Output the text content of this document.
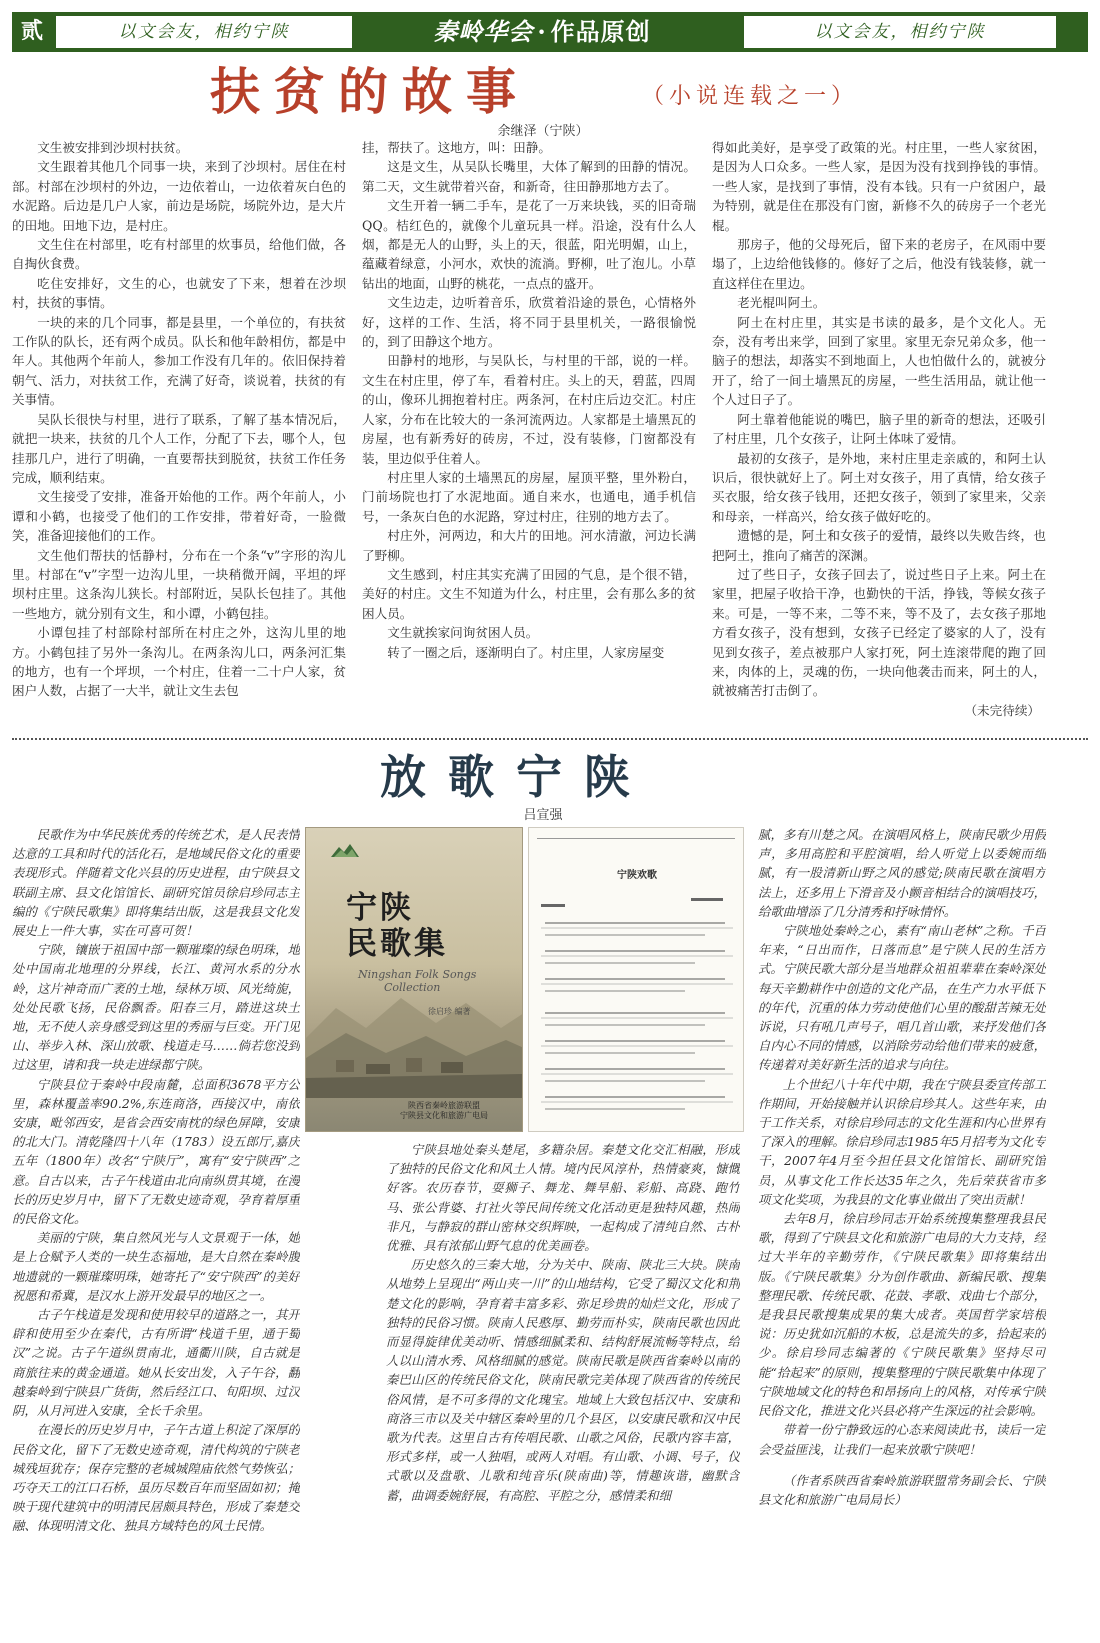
贰	以文会友，相约宁陕	秦岭华会 · 作品原创	以文会友，相约宁陕
扶贫的故事	（小说连载之一）
余继泽（宁陕）

文生被安排到沙坝村扶贫。

文生跟着其他几个同事一块，来到了沙坝村。居住在村部。村部在沙坝村的外边，一边依着山，一边依着灰白色的水泥路。后边是几户人家，前边是场院，场院外边，是大片的田地。田地下边，是村庄。

文生住在村部里，吃有村部里的炊事员，给他们做，各自掏伙食费。

吃住安排好，文生的心，也就安了下来，想着在沙坝村，扶贫的事情。

一块的来的几个同事，都是县里，一个单位的，有扶贫工作队的队长，还有两个成员。队长和他年龄相仿，都是中年人。其他两个年前人，参加工作没有几年的。依旧保持着朝气、活力，对扶贫工作，充满了好奇，谈说着，扶贫的有关事情。

吴队长很快与村里，进行了联系，了解了基本情况后，就把一块来，扶贫的几个人工作，分配了下去，哪个人，包挂那几户，进行了明确，一直要帮扶到脱贫，扶贫工作任务完成，顺利结束。

文生接受了安排，准备开始他的工作。两个年前人，小谭和小鹤，也接受了他们的工作安排，带着好奇，一脸微笑，准备迎接他们的工作。

文生他们帮扶的恬静村，分布在一个条“v”字形的沟儿里。村部在“v”字型一边沟儿里，一块稍微开阔，平坦的坪坝村庄里。这条沟儿狭长。村部附近，吴队长包挂了。其他一些地方，就分别有文生，和小谭，小鹤包挂。

小谭包挂了村部除村部所在村庄之外，这沟儿里的地方。小鹤包挂了另外一条沟儿。在两条沟儿口，两条河汇集的地方，也有一个坪坝，一个村庄，住着一二十户人家，贫困户人数，占据了一大半，就让文生去包

挂，帮扶了。这地方，叫：田静。

这是文生，从吴队长嘴里，大体了解到的田静的情况。第二天，文生就带着兴奋，和新奇，往田静那地方去了。

文生开着一辆二手车，是花了一万来块钱，买的旧奇瑞QQ。桔红色的，就像个儿童玩具一样。沿途，没有什么人烟，都是无人的山野，头上的天，很蓝，阳光明媚，山上，蕴藏着绿意，小河水，欢快的流淌。野柳，吐了泡儿。小草钻出的地面，山野的桃花，一点点的盛开。

文生边走，边听着音乐，欣赏着沿途的景色，心情格外好，这样的工作、生活，将不同于县里机关，一路很愉悦的，到了田静这个地方。

田静村的地形，与吴队长，与村里的干部，说的一样。文生在村庄里，停了车，看着村庄。头上的天，碧蓝，四周的山，像环儿拥抱着村庄。两条河，在村庄后边交汇。村庄人家，分布在比较大的一条河流两边。人家都是土墙黑瓦的房屋，也有新秀好的砖房，不过，没有装修，门窗都没有装，里边似乎住着人。

村庄里人家的土墙黑瓦的房屋，屋顶平整，里外粉白，门前场院也打了水泥地面。通自来水，也通电，通手机信号，一条灰白色的水泥路，穿过村庄，往别的地方去了。

村庄外，河两边，和大片的田地。河水清澈，河边长满了野柳。

文生感到，村庄其实充满了田园的气息，是个很不错，美好的村庄。文生不知道为什么，村庄里，会有那么多的贫困人员。

文生就挨家问询贫困人员。

转了一圈之后，逐渐明白了。村庄里，人家房屋变

得如此美好，是享受了政策的光。村庄里，一些人家贫困，是因为人口众多。一些人家，是因为没有找到挣钱的事情。一些人家，是找到了事情，没有本钱。只有一户贫困户，最为特别，就是住在那没有门窗，新修不久的砖房子一个老光棍。

那房子，他的父母死后，留下来的老房子，在风雨中要塌了，上边给他钱修的。修好了之后，他没有钱装修，就一直这样住在里边。

老光棍叫阿土。

阿土在村庄里，其实是书读的最多，是个文化人。无奈，没有考出来学，回到了家里。家里无奈兄弟众多，他一脑子的想法，却落实不到地面上，人也怕做什么的，就被分开了，给了一间土墙黑瓦的房屋，一些生活用品，就让他一个人过日子了。

阿土靠着他能说的嘴巴，脑子里的新奇的想法，还吸引了村庄里，几个女孩子，让阿土体味了爱情。

最初的女孩子，是外地，来村庄里走亲戚的，和阿土认识后，很快就好上了。阿土对女孩子，用了真情，给女孩子买衣服，给女孩子钱用，还把女孩子，领到了家里来，父亲和母亲，一样高兴，给女孩子做好吃的。

遗憾的是，阿土和女孩子的爱情，最终以失败告终，也把阿土，推向了痛苦的深渊。

过了些日子，女孩子回去了，说过些日子上来。阿土在家里，把屋子收拾干净，也勤快的干活，挣钱，等候女孩子来。可是，一等不来，二等不来，等不及了，去女孩子那地方看女孩子，没有想到，女孩子已经定了婆家的人了，没有见到女孩子，差点被那户人家打死，阿土连滚带爬的跑了回来，肉体的上，灵魂的伤，一块向他袭击而来，阿土的人，就被痛苦打击倒了。

（未完待续）

放歌宁陕
吕宣强

民歌作为中华民族优秀的传统艺术，是人民表情达意的工具和时代的活化石，是地域民俗文化的重要表现形式。伴随着文化兴县的历史进程，由宁陕县文联副主席、县文化馆馆长、副研究馆员徐启珍同志主编的《宁陕民歌集》即将集结出版，这是我县文化发展史上一件大事，实在可喜可贺！

宁陕，镶嵌于祖国中部一颗璀璨的绿色明珠，地处中国南北地理的分界线，长江、黄河水系的分水岭，这片神奇而广袤的土地，绿林万顷、风光绮旎，处处民歌飞扬，民俗飘香。阳春三月，踏进这块土地，无不使人亲身感受到这里的秀丽与巨变。开门见山、举步入林、深山放歌、栈道走马……倘若您没到过这里，请和我一块走进绿都宁陕。

宁陕县位于秦岭中段南麓，总面积3678平方公里，森林覆盖率90.2%,东连商洛，西接汉中，南依安康，毗邻西安，是省会西安南枕的绿色屏障，安康的北大门。清乾隆四十八年（1783）设五郎厅,嘉庆五年（1800年）改名“宁陕厅”，寓有“安宁陕西”之意。自古以来，古子午栈道由北向南纵贯其境，在漫长的历史岁月中，留下了无数史迹奇观，孕育着厚重的民俗文化。

美丽的宁陕，集自然风光与人文景观于一体，她是上仓赋予人类的一块生态福地，是大自然在秦岭腹地遗就的一颗璀璨明珠，她寄托了“安宁陕西”的美好祝愿和希冀，是汉水上游开发最早的地区之一。

古子午栈道是发现和使用较早的道路之一，其开辟和使用至少在秦代，古有所谓“栈道千里，通于蜀汉”之说。古子午道纵贯南北，通衢川陕，自古就是商旅往来的黄金通道。她从长安出发，入子午谷，翻越秦岭到宁陕县广货街，然后经江口、旬阳坝、过汉阴，从月河进入安康，全长千余里。

在漫长的历史岁月中，子午古道上积淀了深厚的民俗文化，留下了无数史迹奇观，清代构筑的宁陕老城残垣犹存；保存完整的老城城隍庙依然气势恢弘；巧夺天工的江口石桥，虽历尽数百年而坚固如初；掩映于现代建筑中的明清民居颇具特色，形成了秦楚交融、体现明清文化、独具方域特色的风土民情。

宁陕
民歌集
Ningshan Folk Songs
Collection
徐启珍 编著
陕西省秦岭旅游联盟
宁陕县文化和旅游广电局
宁陕欢歌

宁陕县地处秦头楚尾，多籍杂居。秦楚文化交汇相融，形成了独特的民俗文化和风土人情。境内民风淳朴，热情豪爽，慷慨好客。农历春节，耍狮子、舞龙、舞旱船、彩船、高跷、跑竹马、张公背婆、打社火等民间传统文化活动更是独特风趣，热闹非凡，与静寂的群山密林交织辉映，一起构成了清纯自然、古朴优雅、具有浓郁山野气息的优美画卷。

历史悠久的三秦大地，分为关中、陕南、陕北三大块。陕南从地势上呈现出“两山夹一川”的山地结构，它受了蜀汉文化和荆楚文化的影响，孕育着丰富多彩、弥足珍贵的灿烂文化，形成了独特的民俗习惯。陕南人民憨厚、勤劳而朴实，陕南民歌也因此而显得旋律优美动听、情感细腻柔和、结构舒展流畅等特点，给人以山清水秀、风格细腻的感觉。陕南民歌是陕西省秦岭以南的秦巴山区的传统民俗文化，陕南民歌完美体现了陕西省的传统民俗风情，是不可多得的文化瑰宝。地域上大致包括汉中、安康和商洛三市以及关中辖区秦岭里的几个县区，以安康民歌和汉中民歌为代表。这里自古有传唱民歌、山歌之风俗，民歌内容丰富，形式多样，或一人独唱，或两人对唱。有山歌、小调、号子，仪式歌以及盘歌、儿歌和纯音乐(陕南曲)等，情趣诙谐，幽默含蓄，曲调委婉舒展，有高腔、平腔之分，感情柔和细

腻，多有川楚之风。在演唱风格上，陕南民歌少用假声，多用高腔和平腔演唱，给人听觉上以委婉而细腻，有一股清新山野之风的感觉;陕南民歌在演唱方法上，还多用上下滑音及小颤音相结合的演唱技巧，给歌曲增添了几分清秀和抒咏情怀。

宁陕地处秦岭之心，素有“南山老林”之称。千百年来，“日出而作，日落而息”是宁陕人民的生活方式。宁陕民歌大部分是当地群众祖祖辈辈在秦岭深处每天辛勤耕作中创造的文化产品，在生产力水平低下的年代，沉重的体力劳动使他们心里的酸甜苦辣无处诉说，只有吼几声号子，唱几首山歌，来抒发他们各自内心不同的情感，以消除劳动给他们带来的疲惫，传递着对美好新生活的追求与向往。

上个世纪八十年代中期，我在宁陕县委宣传部工作期间，开始接触并认识徐启珍其人。这些年来，由于工作关系，对徐启珍同志的文化生涯和内心世界有了深入的理解。徐启珍同志1985年5月招考为文化专干，2007年4月至今担任县文化馆馆长、副研究馆员，从事文化工作长达35年之久，先后荣获省市多项文化奖项，为我县的文化事业做出了突出贡献！

去年8月，徐启珍同志开始系统搜集整理我县民歌，得到了宁陕县文化和旅游广电局的大力支持，经过大半年的辛勤劳作，《宁陕民歌集》即将集结出版。《宁陕民歌集》分为创作歌曲、新编民歌、搜集整理民歌、传统民歌、花鼓、孝歌、戏曲七个部分，是我县民歌搜集成果的集大成者。英国哲学家培根说：历史犹如沉船的木板，总是流失的多，拾起来的少。徐启珍同志编著的《宁陕民歌集》坚持尽可能“拾起来”的原则，搜集整理的宁陕民歌集中体现了宁陕地域文化的特色和昂扬向上的风格，对传承宁陕民俗文化，推进文化兴县必将产生深远的社会影响。

带着一份宁静致远的心态来阅读此书，读后一定会受益匪浅，让我们一起来放歌宁陕吧！

（作者系陕西省秦岭旅游联盟常务副会长、宁陕县文化和旅游广电局局长）
